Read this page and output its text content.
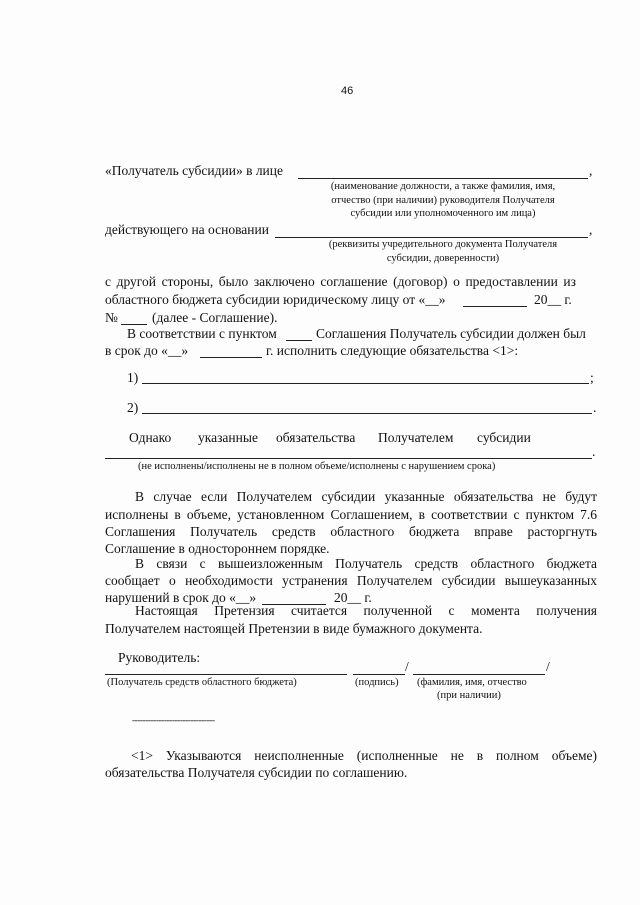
46
«Получатель субсидии» в лице	,
(наименование должности, а также фамилия, имя,
отчество (при наличии) руководителя Получателя
субсидии или уполномоченного им лица)
действующего на основании	,
(реквизиты учредительного документа Получателя
субсидии, доверенности)
с другой стороны, было заключено соглашение (договор) о предоставлении из
областного бюджета субсидии юридическому лицу от «__»	20__ г.
№	(далее - Соглашение).
В соответствии с пунктом	Соглашения Получатель субсидии должен был
в срок до «__»	г. исполнить следующие обязательства <1>:
1)	;
2)	.
Однако указанные обязательства Получателем субсидии
.
(не исполнены/исполнены не в полном объеме/исполнены с нарушением срока)
В случае если Получателем субсидии указанные обязательства не будут
исполнены в объеме, установленном Соглашением, в соответствии с пунктом 7.6
Соглашения Получатель средств областного бюджета вправе расторгнуть
Соглашение в одностороннем порядке.
В связи с вышеизложенным Получатель средств областного бюджета
сообщает о необходимости устранения Получателем субсидии вышеуказанных
нарушений в срок до «__»	20__ г.
Настоящая Претензия считается полученной с момента получения
Получателем настоящей Претензии в виде бумажного документа.
Руководитель:
/	/
(Получатель средств областного бюджета)	(подпись) (фамилия, имя, отчество
(при наличии)
-------------------------------
<1> Указываются неисполненные (исполненные не в полном объеме)
обязательства Получателя субсидии по соглашению.
